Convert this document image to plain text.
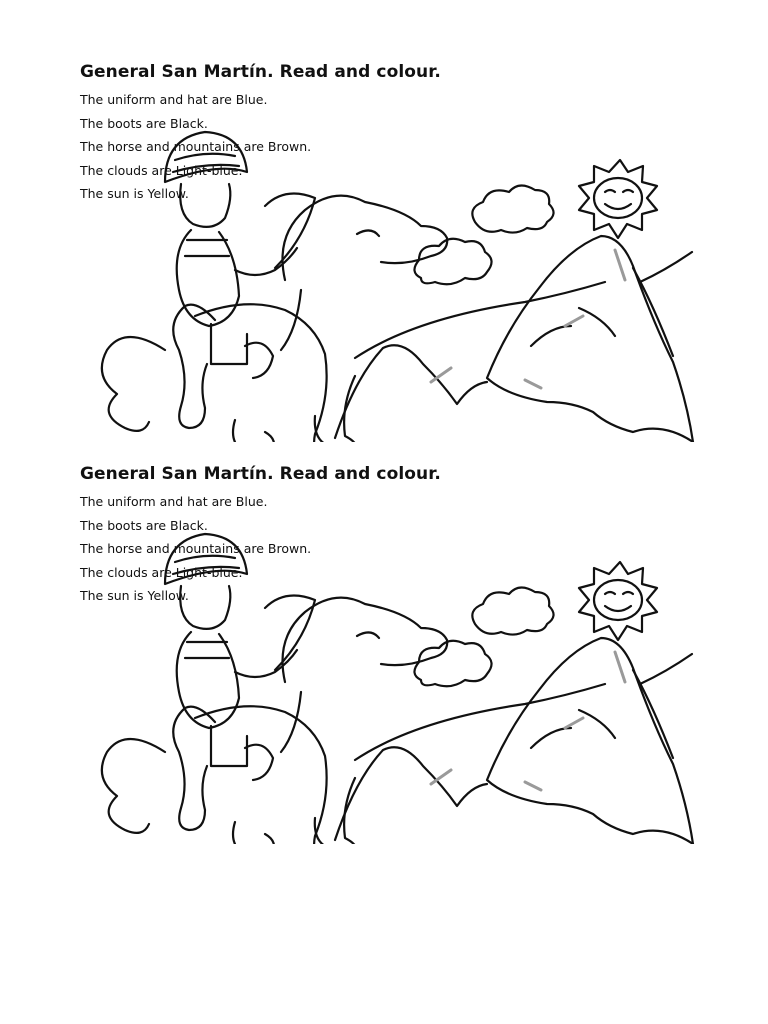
General San Martín. Read and colour.
The uniform and hat are Blue.
The boots are Black.
The horse and mountains are Brown.
The clouds are Light-blue.
The sun is Yellow.
General San Martín. Read and colour.
The uniform and hat are Blue.
The boots are Black.
The horse and mountains are Brown.
The clouds are Light-blue.
The sun is Yellow.
